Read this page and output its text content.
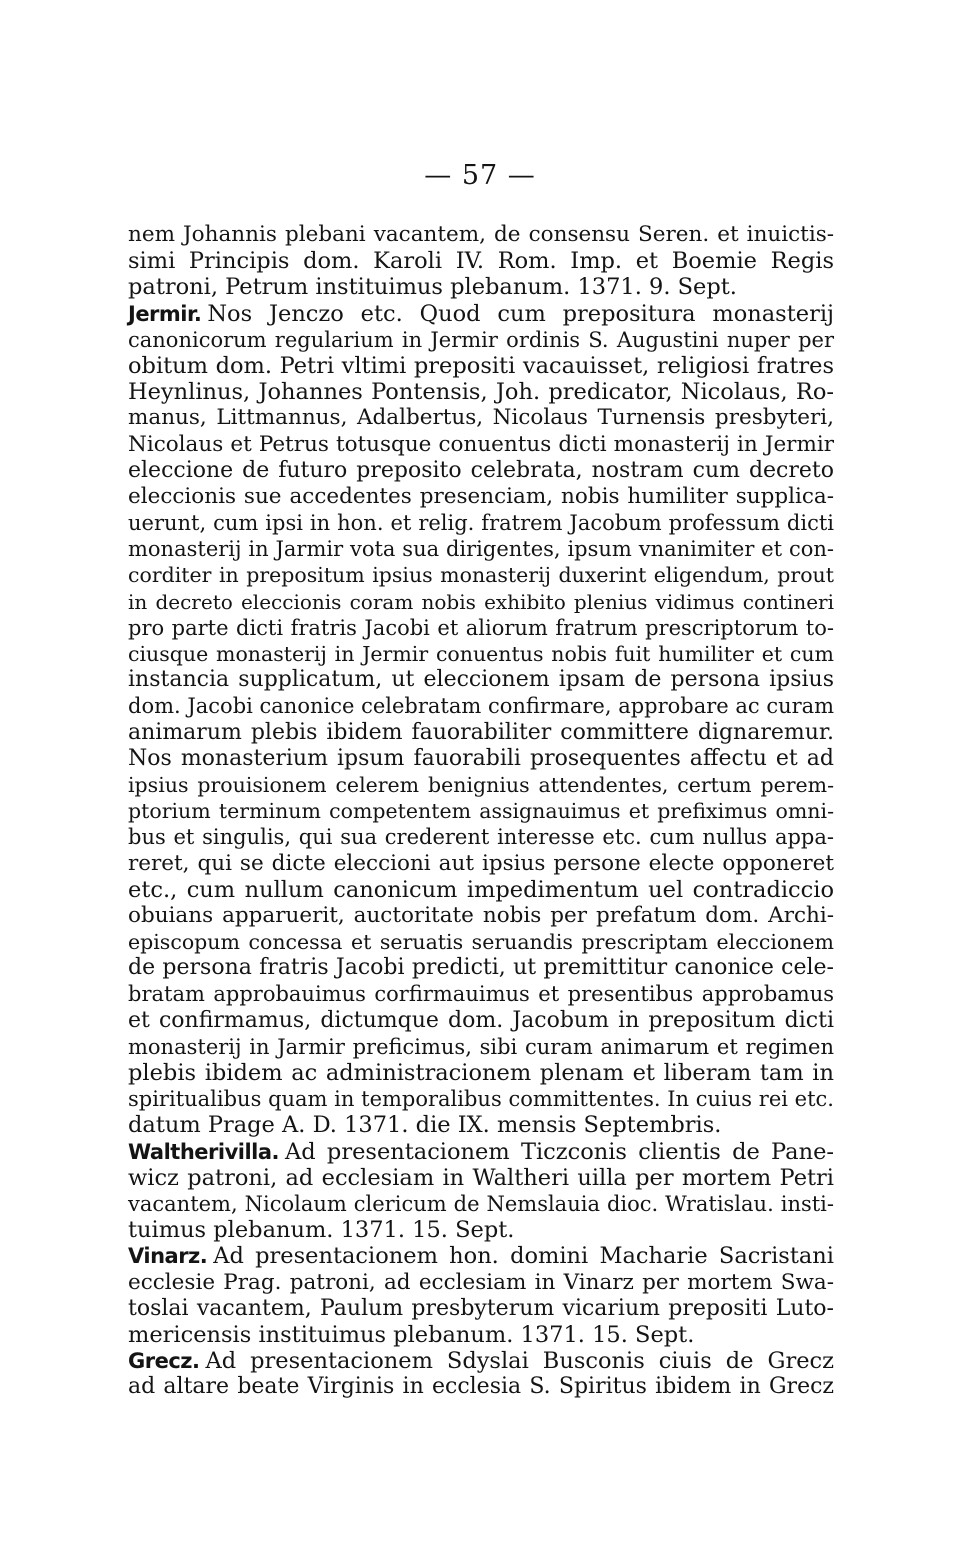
— 57 —
nem Johannis plebani vacantem, de consensu Seren. et inuictis-
simi Principis dom. Karoli IV. Rom. Imp. et Boemie Regis
patroni, Petrum instituimus plebanum. 1371. 9. Sept.
Jermir. Nos Jenczo etc. Quod cum prepositura monasterij
canonicorum regularium in Jermir ordinis S. Augustini nuper per
obitum dom. Petri vltimi prepositi vacauisset, religiosi fratres
Heynlinus, Johannes Pontensis, Joh. predicator, Nicolaus, Ro-
manus, Littmannus, Adalbertus, Nicolaus Turnensis presbyteri,
Nicolaus et Petrus totusque conuentus dicti monasterij in Jermir
eleccione de futuro preposito celebrata, nostram cum decreto
eleccionis sue accedentes presenciam, nobis humiliter supplica-
uerunt, cum ipsi in hon. et relig. fratrem Jacobum professum dicti
monasterij in Jarmir vota sua dirigentes, ipsum vnanimiter et con-
corditer in prepositum ipsius monasterij duxerint eligendum, prout
in decreto eleccionis coram nobis exhibito plenius vidimus contineri
pro parte dicti fratris Jacobi et aliorum fratrum prescriptorum to-
ciusque monasterij in Jermir conuentus nobis fuit humiliter et cum
instancia supplicatum, ut eleccionem ipsam de persona ipsius
dom. Jacobi canonice celebratam confirmare, approbare ac curam
animarum plebis ibidem fauorabiliter committere dignaremur.
Nos monasterium ipsum fauorabili prosequentes affectu et ad
ipsius prouisionem celerem benignius attendentes, certum perem-
ptorium terminum competentem assignauimus et prefiximus omni-
bus et singulis, qui sua crederent interesse etc. cum nullus appa-
reret, qui se dicte eleccioni aut ipsius persone electe opponeret
etc., cum nullum canonicum impedimentum uel contradiccio
obuians apparuerit, auctoritate nobis per prefatum dom. Archi-
episcopum concessa et seruatis seruandis prescriptam eleccionem
de persona fratris Jacobi predicti, ut premittitur canonice cele-
bratam approbauimus corfirmauimus et presentibus approbamus
et confirmamus, dictumque dom. Jacobum in prepositum dicti
monasterij in Jarmir preficimus, sibi curam animarum et regimen
plebis ibidem ac administracionem plenam et liberam tam in
spiritualibus quam in temporalibus committentes. In cuius rei etc.
datum Prage A. D. 1371. die IX. mensis Septembris.
Waltherivilla. Ad presentacionem Ticzconis clientis de Pane-
wicz patroni, ad ecclesiam in Waltheri uilla per mortem Petri
vacantem, Nicolaum clericum de Nemslauia dioc. Wratislau. insti-
tuimus plebanum. 1371. 15. Sept.
Vinarz. Ad presentacionem hon. domini Macharie Sacristani
ecclesie Prag. patroni, ad ecclesiam in Vinarz per mortem Swa-
toslai vacantem, Paulum presbyterum vicarium prepositi Luto-
mericensis instituimus plebanum. 1371. 15. Sept.
Grecz. Ad presentacionem Sdyslai Busconis ciuis de Grecz
ad altare beate Virginis in ecclesia S. Spiritus ibidem in Grecz
